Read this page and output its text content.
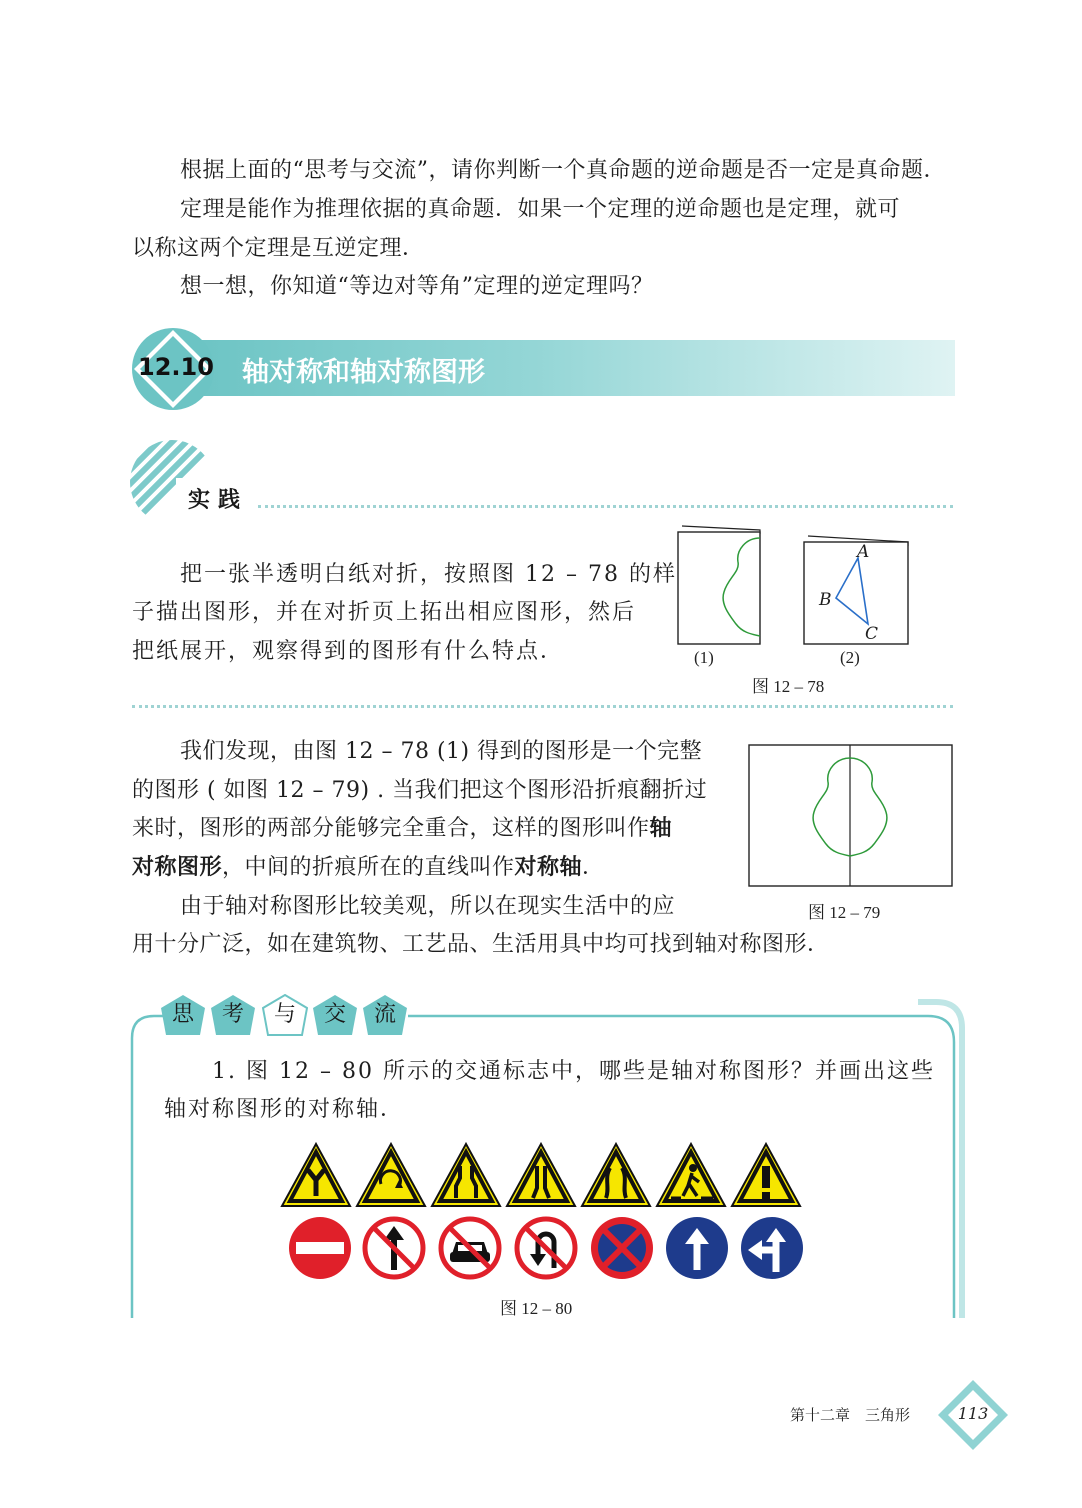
根据上面的“思考与交流”，请你判断一个真命题的逆命题是否一定是真命题．

定理是能作为推理依据的真命题．如果一个定理的逆命题也是定理，就可

以称这两个定理是互逆定理．

想一想，你知道“等边对等角”定理的逆定理吗？

轴对称和轴对称图形
12.10
实践

把一张半透明白纸对折，按照图 12 – 78 的样

子描出图形，并在对折页上拓出相应图形，然后

把纸展开，观察得到的图形有什么特点．	(1)
A
B
C
(2)
图 12 – 78

我们发现，由图 12 – 78 (1) 得到的图形是一个完整

的图形 ( 如图 12 – 79) . 当我们把这个图形沿折痕翻折过

来时，图形的两部分能够完全重合，这样的图形叫作轴

对称图形，中间的折痕所在的直线叫作对称轴．

由于轴对称图形比较美观，所以在现实生活中的应

用十分广泛，如在建筑物、工艺品、生活用具中均可找到轴对称图形．

图 12 – 79
思	考	与	交	流

1. 图 12 – 80 所示的交通标志中，哪些是轴对称图形？并画出这些

轴对称图形的对称轴．

图 12 – 80
第十二章　三角形	113
